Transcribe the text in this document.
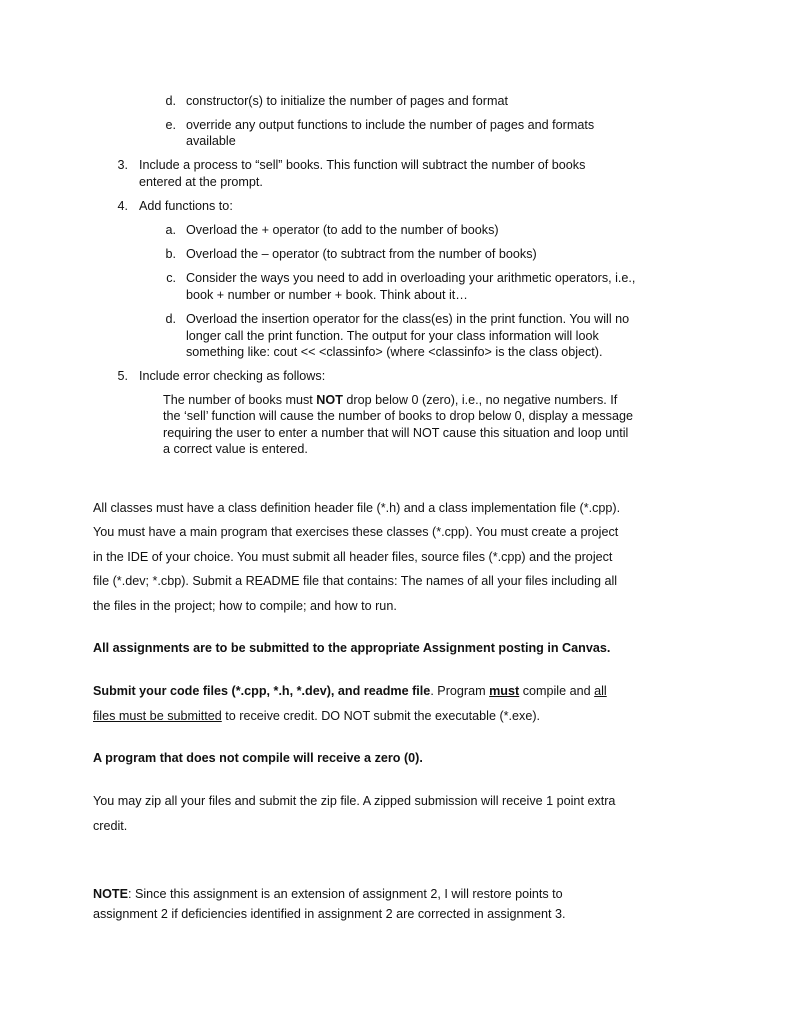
d. constructor(s) to initialize the number of pages and format
e. override any output functions to include the number of pages and formats
available
3. Include a process to “sell” books. This function will subtract the number of books
entered at the prompt.
4. Add functions to:
a. Overload the + operator (to add to the number of books)
b. Overload the – operator (to subtract from the number of books)
c. Consider the ways you need to add in overloading your arithmetic operators, i.e.,
book + number or number + book. Think about it…
d. Overload the insertion operator for the class(es) in the print function. You will no
longer call the print function. The output for your class information will look
something like: cout << <classinfo> (where <classinfo> is the class object).
5. Include error checking as follows:
The number of books must NOT drop below 0 (zero), i.e., no negative numbers. If
the ‘sell’ function will cause the number of books to drop below 0, display a message
requiring the user to enter a number that will NOT cause this situation and loop until
a correct value is entered.
All classes must have a class definition header file (*.h) and a class implementation file (*.cpp).
You must have a main program that exercises these classes (*.cpp). You must create a project
in the IDE of your choice. You must submit all header files, source files (*.cpp) and the project
file (*.dev; *.cbp). Submit a README file that contains: The names of all your files including all
the files in the project; how to compile; and how to run.
All assignments are to be submitted to the appropriate Assignment posting in Canvas.
Submit your code files (*.cpp, *.h, *.dev), and readme file. Program must compile and all
files must be submitted to receive credit. DO NOT submit the executable (*.exe).
A program that does not compile will receive a zero (0).
You may zip all your files and submit the zip file. A zipped submission will receive 1 point extra
credit.
NOTE: Since this assignment is an extension of assignment 2, I will restore points to
assignment 2 if deficiencies identified in assignment 2 are corrected in assignment 3.
